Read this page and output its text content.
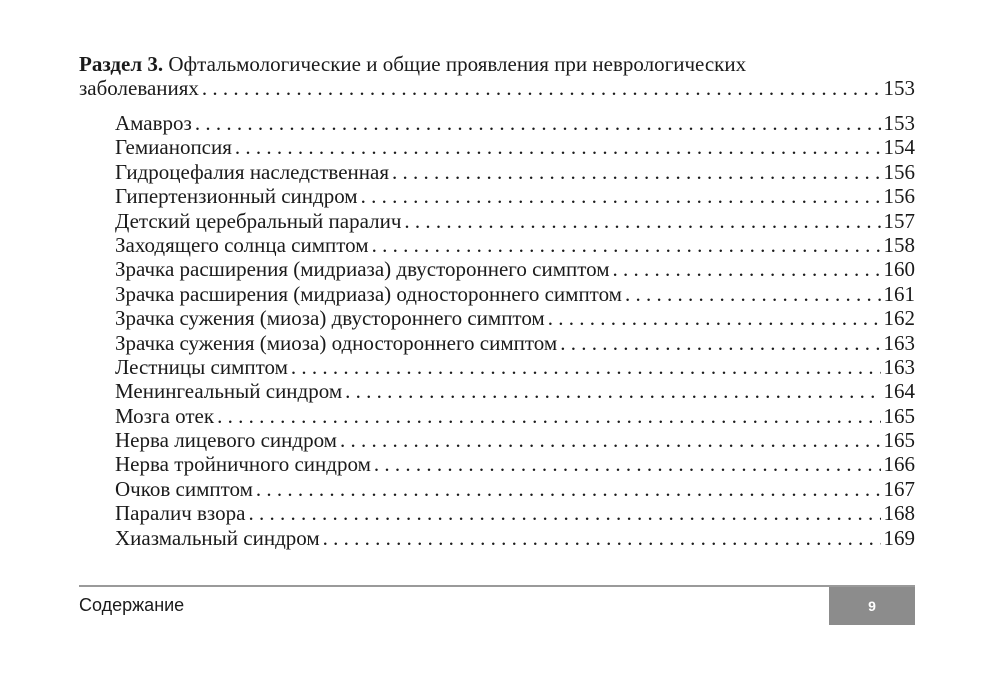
Раздел 3. Офтальмологические и общие проявления при неврологических
заболеваниях . . .	153
Амавроз . . .	153
Гемианопсия . . .	154
Гидроцефалия наследственная . . .	156
Гипертензионный синдром . . .	156
Детский церебральный паралич . . .	157
Заходящего солнца симптом . . .	158
Зрачка расширения (мидриаза) двустороннего симптом . . .	160
Зрачка расширения (мидриаза) одностороннего симптом . . .	161
Зрачка сужения (миоза) двустороннего симптом . . .	162
Зрачка сужения (миоза) одностороннего симптом . . .	163
Лестницы симптом . . .	163
Менингеальный синдром . . .	164
Мозга отек . . .	165
Нерва лицевого синдром . . .	165
Нерва тройничного синдром . . .	166
Очков симптом . . .	167
Паралич взора . . .	168
Хиазмальный синдром . . .	169
Содержание	9
